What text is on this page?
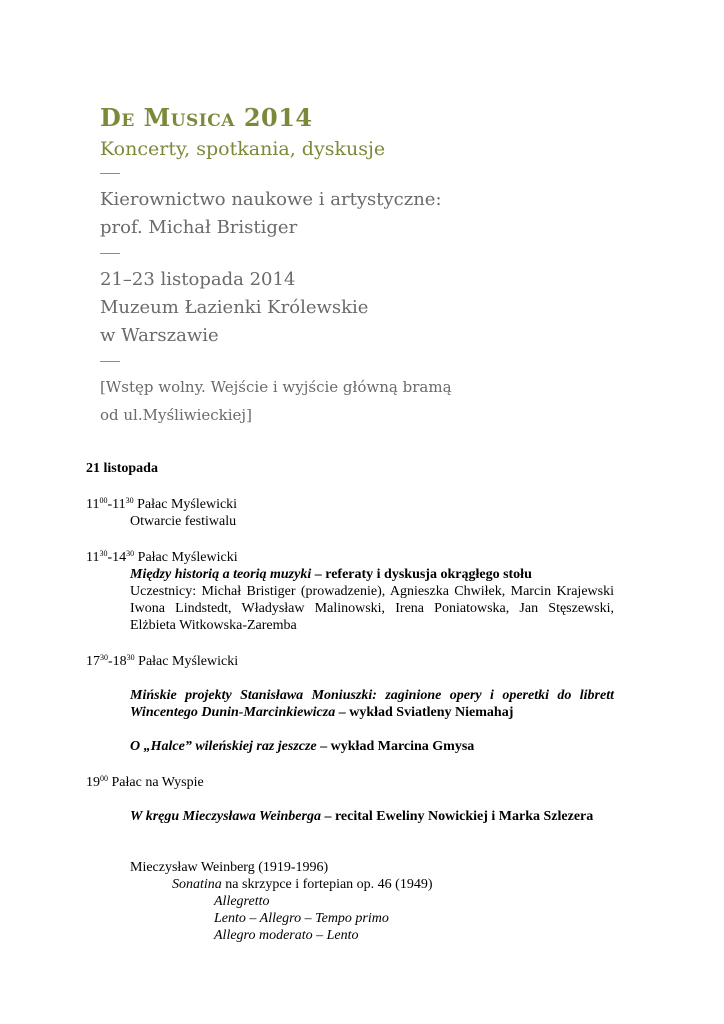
De Musica 2014
Koncerty, spotkania, dyskusje
Kierownictwo naukowe i artystyczne:
prof. Michał Bristiger
21–23 listopada 2014
Muzeum Łazienki Królewskie
w Warszawie
[Wstęp wolny. Wejście i wyjście główną bramą
od ul.Myśliwieckiej]
21 listopada
$11^{00}-11^{30}$ Pałac Myślewicki
Otwarcie festiwalu
$11^{30}-14^{30}$ Pałac Myślewicki
Między historią a teorią muzyki – referaty i dyskusja okrągłego stołu
Uczestnicy: Michał Bristiger (prowadzenie), Agnieszka Chwiłek, Marcin Krajewski Iwona Lindstedt, Władysław Malinowski, Irena Poniatowska, Jan Stęszewski, Elżbieta Witkowska-Zaremba
$17^{30}-18^{30}$ Pałac Myślewicki
Mińskie projekty Stanisława Moniuszki: zaginione opery i operetki do librett Wincentego Dunin-Marcinkiewicza – wykład Sviatleny Niemahaj
O „Halce” wileńskiej raz jeszcze – wykład Marcina Gmysa
$19^{00}$ Pałac na Wyspie
W kręgu Mieczysława Weinberga – recital Eweliny Nowickiej i Marka Szlezera
Mieczysław Weinberg (1919-1996)
Sonatina na skrzypce i fortepian op. 46 (1949)
Allegretto
Lento – Allegro – Tempo primo
Allegro moderato – Lento
